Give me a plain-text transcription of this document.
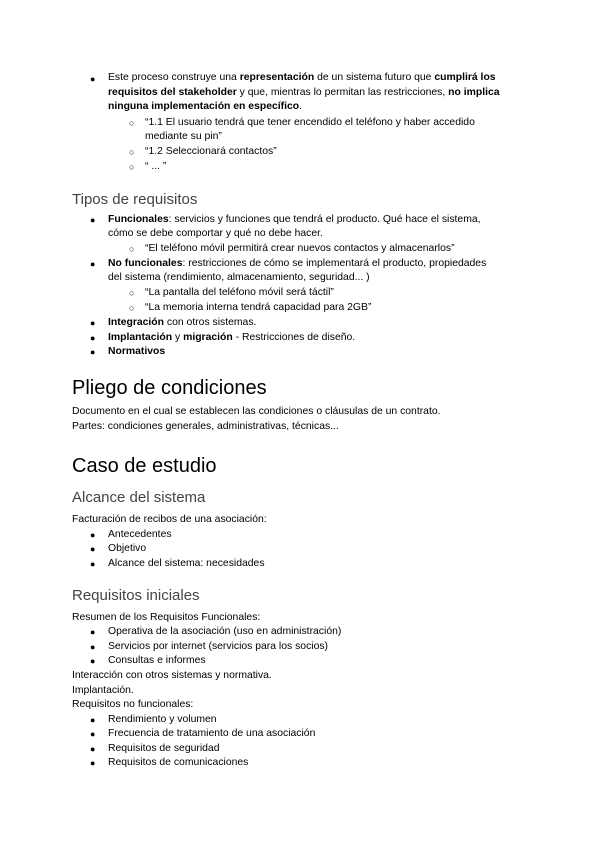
● Este proceso construye una representación de un sistema futuro que cumplirá los
requisitos del stakeholder y que, mientras lo permitan las restricciones, no implica
ninguna implementación en específico.
○ “1.1 El usuario tendrá que tener encendido el teléfono y haber accedido
mediante su pin”
○ “1.2 Seleccionará contactos”
○ “ ... ”
Tipos de requisitos
● Funcionales: servicios y funciones que tendrá el producto. Qué hace el sistema,
cómo se debe comportar y qué no debe hacer.
○ “El teléfono móvil permitirá crear nuevos contactos y almacenarlos”
● No funcionales: restricciones de cómo se implementará el producto, propiedades
del sistema (rendimiento, almacenamiento, seguridad... )
○ “La pantalla del teléfono móvil será táctil”
○ “La memoria interna tendrá capacidad para 2GB”
● Integración con otros sistemas.
● Implantación y migración - Restricciones de diseño.
● Normativos
Pliego de condiciones
Documento en el cual se establecen las condiciones o cláusulas de un contrato.
Partes: condiciones generales, administrativas, técnicas...
Caso de estudio
Alcance del sistema
Facturación de recibos de una asociación:
● Antecedentes
● Objetivo
● Alcance del sistema: necesidades
Requisitos iniciales
Resumen de los Requisitos Funcionales:
● Operativa de la asociación (uso en administración)
● Servicios por internet (servicios para los socios)
● Consultas e informes
Interacción con otros sistemas y normativa.
Implantación.
Requisitos no funcionales:
● Rendimiento y volumen
● Frecuencia de tratamiento de una asociación
● Requisitos de seguridad
● Requisitos de comunicaciones
